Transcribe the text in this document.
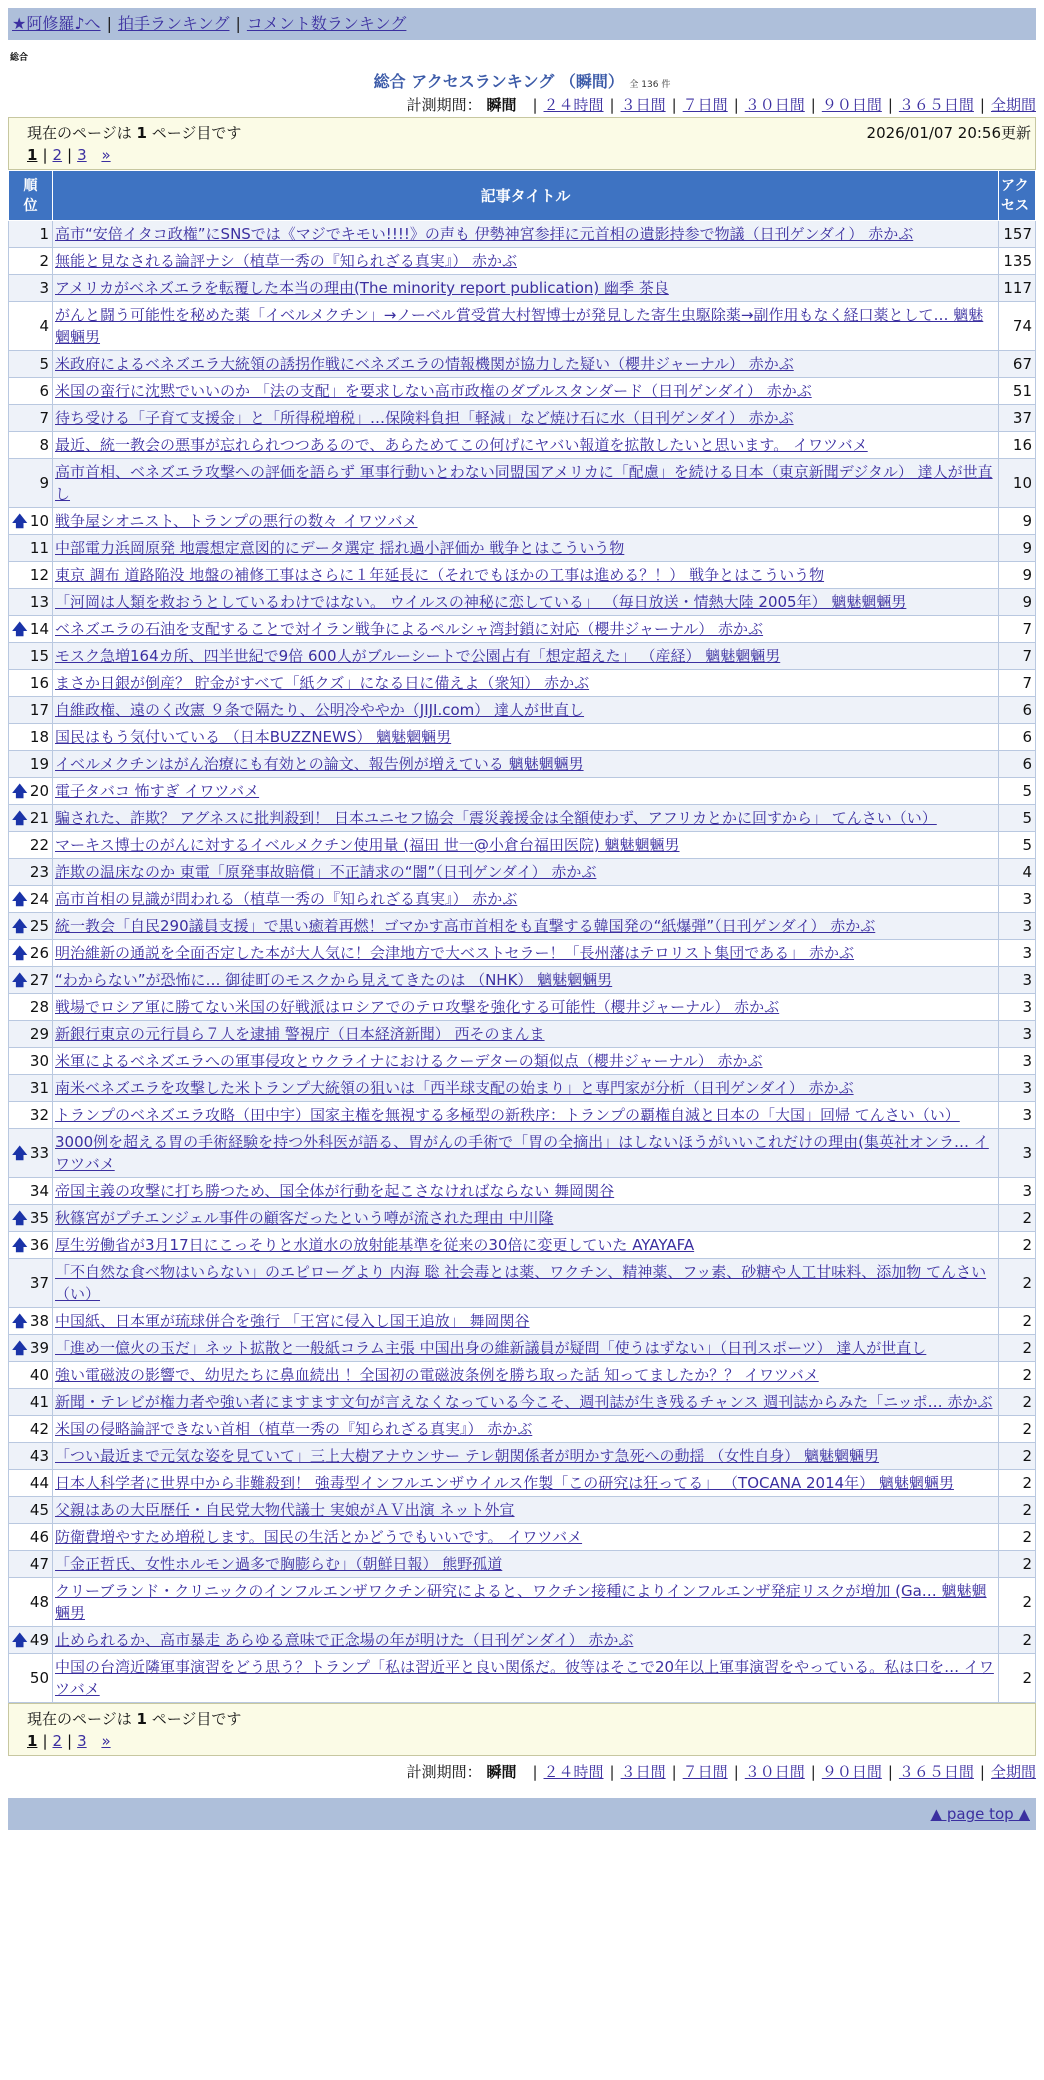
★阿修羅♪へ | 拍手ランキング | コメント数ランキング
総合
総合 アクセスランキング （瞬間） 全 136 件
計測期間： 瞬間 | ２４時間 | ３日間 | ７日間 | ３０日間 | ９０日間 | ３６５日間 | 全期間
現在のページは 1 ページ目です	2026/01/07 20:56更新
1 | 2 | 3 »
順位	記事タイトル	アクセス
1	高市“安倍イタコ政権”にSNSでは《マジでキモい!!!!》の声も 伊勢神宮参拝に元首相の遺影持参で物議（日刊ゲンダイ） 赤かぶ	157
2	無能と見なされる論評ナシ（植草一秀の『知られざる真実』） 赤かぶ	135
3	アメリカがベネズエラを転覆した本当の理由(The minority report publication) 幽季 茶良	117
4	がんと闘う可能性を秘めた薬「イベルメクチン」→ノーベル賞受賞大村智博士が発見した寄生虫駆除薬→副作用もなく経口薬として… 魑魅魍魎男	74
5	米政府によるベネズエラ大統領の誘拐作戦にベネズエラの情報機関が協力した疑い（櫻井ジャーナル） 赤かぶ	67
6	米国の蛮行に沈黙でいいのか 「法の支配」を要求しない高市政権のダブルスタンダード（日刊ゲンダイ） 赤かぶ	51
7	待ち受ける「子育て支援金」と「所得税増税」…保険料負担「軽減」など焼け石に水（日刊ゲンダイ） 赤かぶ	37
8	最近、統一教会の悪事が忘れられつつあるので、あらためてこの何げにヤバい報道を拡散したいと思います。 イワツバメ	16
9	高市首相、ベネズエラ攻撃への評価を語らず 軍事行動いとわない同盟国アメリカに「配慮」を続ける日本（東京新聞デジタル） 達人が世直し	10

🡅 10	戦争屋シオニスト、トランプの悪行の数々 イワツバメ	9
11	中部電力浜岡原発 地震想定意図的にデータ選定 揺れ過小評価か 戦争とはこういう物	9
12	東京 調布 道路陥没 地盤の補修工事はさらに１年延長に（それでもほかの工事は進める？！） 戦争とはこういう物	9
13	「河岡は人類を救おうとしているわけではない。 ウイルスの神秘に恋している」 （毎日放送・情熱大陸 2005年） 魑魅魍魎男	9

🡅 14	ベネズエラの石油を支配することで対イラン戦争によるペルシャ湾封鎖に対応（櫻井ジャーナル） 赤かぶ	7
15	モスク急増164カ所、四半世紀で9倍 600人がブルーシートで公園占有「想定超えた」 （産経） 魑魅魍魎男	7
16	まさか日銀が倒産？ 貯金がすべて「紙クズ」になる日に備えよ（衆知） 赤かぶ	7
17	自維政権、遠のく改憲 ９条で隔たり、公明冷ややか（JIJI.com） 達人が世直し	6
18	国民はもう気付いている （日本BUZZNEWS） 魑魅魍魎男	6
19	イベルメクチンはがん治療にも有効との論文、報告例が増えている 魑魅魍魎男	6

🡅 20	電子タバコ 怖すぎ イワツバメ	5

🡅 21	騙された、詐欺？ アグネスに批判殺到！ 日本ユニセフ協会「震災義援金は全額使わず、アフリカとかに回すから」 てんさい（い）	5
22	マーキス博士のがんに対するイベルメクチン使用量 (福田 世一@小倉台福田医院) 魑魅魍魎男	5
23	詐欺の温床なのか 東電「原発事故賠償」不正請求の“闇”（日刊ゲンダイ） 赤かぶ	4

🡅 24	高市首相の見識が問われる（植草一秀の『知られざる真実』） 赤かぶ	3

🡅 25	統一教会「自民290議員支援」で黒い癒着再燃！ゴマかす高市首相をも直撃する韓国発の“紙爆弾”（日刊ゲンダイ） 赤かぶ	3

🡅 26	明治維新の通説を全面否定した本が大人気に！会津地方で大ベストセラー！「長州藩はテロリスト集団である」 赤かぶ	3

🡅 27	“わからない”が恐怖に… 御徒町のモスクから見えてきたのは （NHK） 魑魅魍魎男	3
28	戦場でロシア軍に勝てない米国の好戦派はロシアでのテロ攻撃を強化する可能性（櫻井ジャーナル） 赤かぶ	3
29	新銀行東京の元行員ら７人を逮捕 警視庁（日本経済新聞） 西そのまんま	3
30	米軍によるベネズエラへの軍事侵攻とウクライナにおけるクーデターの類似点（櫻井ジャーナル） 赤かぶ	3
31	南米ベネズエラを攻撃した米トランプ大統領の狙いは「西半球支配の始まり」と専門家が分析（日刊ゲンダイ） 赤かぶ	3
32	トランプのベネズエラ攻略（田中宇）国家主権を無視する多極型の新秩序：トランプの覇権自滅と日本の「大国」回帰 てんさい（い）	3

🡅 33	3000例を超える胃の手術経験を持つ外科医が語る、胃がんの手術で「胃の全摘出」はしないほうがいいこれだけの理由(集英社オンラ… イワツバメ	3
34	帝国主義の攻撃に打ち勝つため、国全体が行動を起こさなければならない 舞岡関谷	3

🡅 35	秋篠宮がプチエンジェル事件の顧客だったという噂が流された理由 中川隆	2

🡅 36	厚生労働省が3月17日にこっそりと水道水の放射能基準を従来の30倍に変更していた AYAYAFA	2
37	「不自然な食べ物はいらない」のエピローグより 内海 聡 社会毒とは薬、ワクチン、精神薬、フッ素、砂糖や人工甘味料、添加物 てんさい（い）	2

🡅 38	中国紙、日本軍が琉球併合を強行 「王宮に侵入し国王追放」 舞岡関谷	2

🡅 39	「進め一億火の玉だ」ネット拡散と一般紙コラム主張 中国出身の維新議員が疑問「使うはずない」（日刊スポーツ） 達人が世直し	2
40	強い電磁波の影響で、幼児たちに鼻血続出 ！全国初の電磁波条例を勝ち取った話 知ってましたか？？ イワツバメ	2
41	新聞・テレビが権力者や強い者にますます文句が言えなくなっている今こそ、週刊誌が生き残るチャンス 週刊誌からみた「ニッポ… 赤かぶ	2
42	米国の侵略論評できない首相（植草一秀の『知られざる真実』） 赤かぶ	2
43	「つい最近まで元気な姿を見ていて」三上大樹アナウンサー テレ朝関係者が明かす急死への動揺 （女性自身） 魑魅魍魎男	2
44	日本人科学者に世界中から非難殺到！ 強毒型インフルエンザウイルス作製「この研究は狂ってる」 （TOCANA 2014年） 魑魅魍魎男	2
45	父親はあの大臣歴任・自民党大物代議士 実娘がＡＶ出演 ネット外宣	2
46	防衛費増やすため増税します。国民の生活とかどうでもいいです。 イワツバメ	2
47	「金正哲氏、女性ホルモン過多で胸膨らむ」（朝鮮日報） 熊野孤道	2
48	クリーブランド・クリニックのインフルエンザワクチン研究によると、ワクチン接種によりインフルエンザ発症リスクが増加 (Ga… 魑魅魍魎男	2

🡅 49	止められるか、高市暴走 あらゆる意味で正念場の年が明けた（日刊ゲンダイ） 赤かぶ	2
50	中国の台湾近隣軍事演習をどう思う？トランプ「私は習近平と良い関係だ。彼等はそこで20年以上軍事演習をやっている。私は口を… イワツバメ	2
現在のページは 1 ページ目です
1 | 2 | 3 »
計測期間： 瞬間 | ２４時間 | ３日間 | ７日間 | ３０日間 | ９０日間 | ３６５日間 | 全期間
▲ page top ▲
